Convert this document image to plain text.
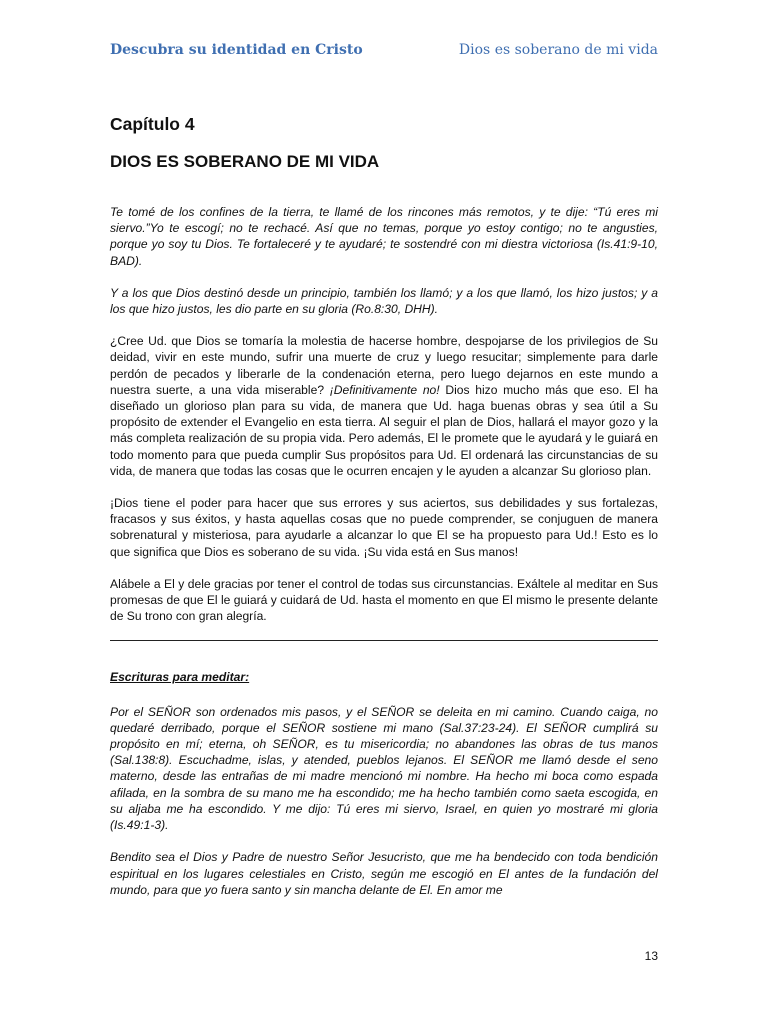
Descubra su identidad en Cristo	Dios es soberano de mi vida
Capítulo 4
DIOS ES SOBERANO DE MI VIDA

Te tomé de los confines de la tierra, te llamé de los rincones más remotos, y te dije: “Tú eres mi siervo.”Yo te escogí; no te rechacé. Así que no temas, porque yo estoy contigo; no te angusties, porque yo soy tu Dios. Te fortaleceré y te ayudaré; te sostendré con mi diestra victoriosa (Is.41:9-10, BAD).

Y a los que Dios destinó desde un principio, también los llamó; y a los que llamó, los hizo justos; y a los que hizo justos, les dio parte en su gloria (Ro.8:30, DHH).

¿Cree Ud. que Dios se tomaría la molestia de hacerse hombre, despojarse de los privilegios de Su deidad, vivir en este mundo, sufrir una muerte de cruz y luego resucitar; simplemente para darle perdón de pecados y liberarle de la condenación eterna, pero luego dejarnos en este mundo a nuestra suerte, a una vida miserable? ¡Definitivamente no! Dios hizo mucho más que eso. El ha diseñado un glorioso plan para su vida, de manera que Ud. haga buenas obras y sea útil a Su propósito de extender el Evangelio en esta tierra. Al seguir el plan de Dios, hallará el mayor gozo y la más completa realización de su propia vida. Pero además, El le promete que le ayudará y le guiará en todo momento para que pueda cumplir Sus propósitos para Ud. El ordenará las circunstancias de su vida, de manera que todas las cosas que le ocurren encajen y le ayuden a alcanzar Su glorioso plan.

¡Dios tiene el poder para hacer que sus errores y sus aciertos, sus debilidades y sus fortalezas, fracasos y sus éxitos, y hasta aquellas cosas que no puede comprender, se conjuguen de manera sobrenatural y misteriosa, para ayudarle a alcanzar lo que El se ha propuesto para Ud.! Esto es lo que significa que Dios es soberano de su vida. ¡Su vida está en Sus manos!

Alábele a El y dele gracias por tener el control de todas sus circunstancias. Exáltele al meditar en Sus promesas de que El le guiará y cuidará de Ud. hasta el momento en que El mismo le presente delante de Su trono con gran alegría.

Escrituras para meditar:

Por el SEÑOR son ordenados mis pasos, y el SEÑOR se deleita en mi camino. Cuando caiga, no quedaré derribado, porque el SEÑOR sostiene mi mano (Sal.37:23-24). El SEÑOR cumplirá su propósito en mí; eterna, oh SEÑOR, es tu misericordia; no abandones las obras de tus manos (Sal.138:8). Escuchadme, islas, y atended, pueblos lejanos. El SEÑOR me llamó desde el seno materno, desde las entrañas de mi madre mencionó mi nombre. Ha hecho mi boca como espada afilada, en la sombra de su mano me ha escondido; me ha hecho también como saeta escogida, en su aljaba me ha escondido. Y me dijo: Tú eres mi siervo, Israel, en quien yo mostraré mi gloria (Is.49:1-3).

Bendito sea el Dios y Padre de nuestro Señor Jesucristo, que me ha bendecido con toda bendición espiritual en los lugares celestiales en Cristo, según me escogió en El antes de la fundación del mundo, para que yo fuera santo y sin mancha delante de El. En amor me

13
